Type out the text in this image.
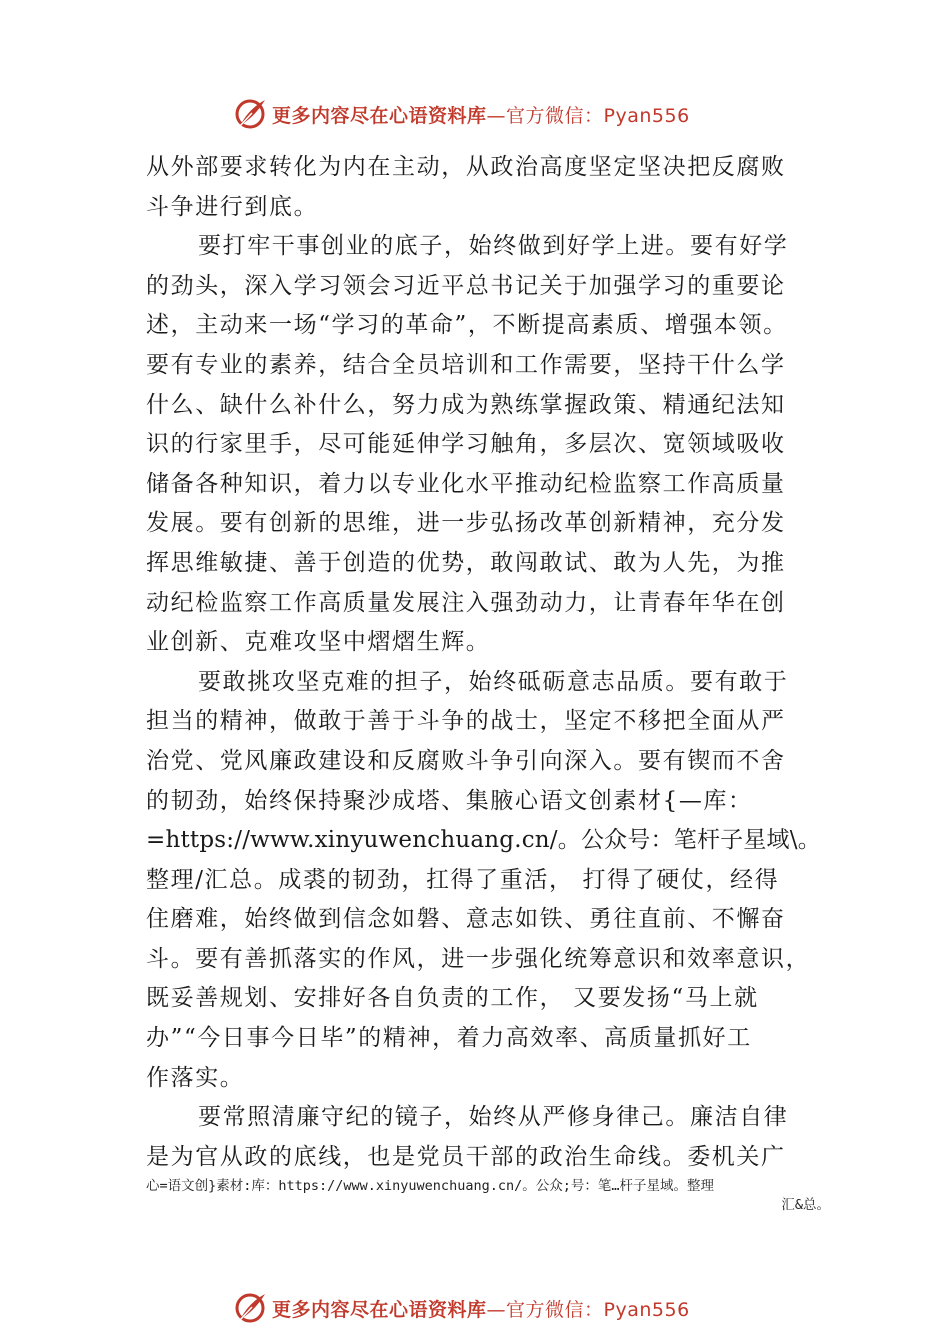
更多内容尽在心语资料库 —官方微信：Pyan556
从外部要求转化为内在主动，从政治高度坚定坚决把反腐败
斗争进行到底。
要打牢干事创业的底子，始终做到好学上进。要有好学
的劲头，深入学习领会习近平总书记关于加强学习的重要论
述，主动来一场“学习的革命”，不断提高素质、增强本领。
要有专业的素养，结合全员培训和工作需要，坚持干什么学
什么、缺什么补什么，努力成为熟练掌握政策、精通纪法知
识的行家里手，尽可能延伸学习触角，多层次、宽领域吸收
储备各种知识，着力以专业化水平推动纪检监察工作高质量
发展。要有创新的思维，进一步弘扬改革创新精神，充分发
挥思维敏捷、善于创造的优势，敢闯敢试、敢为人先，为推
动纪检监察工作高质量发展注入强劲动力，让青春年华在创
业创新、克难攻坚中熠熠生辉。
要敢挑攻坚克难的担子，始终砥砺意志品质。要有敢于
担当的精神，做敢于善于斗争的战士，坚定不移把全面从严
治党、党风廉政建设和反腐败斗争引向深入。要有锲而不舍
的韧劲，始终保持聚沙成塔、集腋心语文创素材{—库：
=https://www.xinyuwenchuang.cn/。公众号：笔杆子星域\。
整理/汇总。成裘的韧劲，扛得了重活， 打得了硬仗，经得
住磨难，始终做到信念如磐、意志如铁、勇往直前、不懈奋
斗。要有善抓落实的作风，进一步强化统筹意识和效率意识，
既妥善规划、安排好各自负责的工作， 又要发扬“马上就
办”“今日事今日毕”的精神，着力高效率、高质量抓好工
作落实。
要常照清廉守纪的镜子，始终从严修身律己。廉洁自律
是为官从政的底线，也是党员干部的政治生命线。委机关广
心=语文创}素材:库：https://www.xinyuwenchuang.cn/。公众;号：笔…杆子星域。整理
汇&总。
更多内容尽在心语资料库 —官方微信：Pyan556
